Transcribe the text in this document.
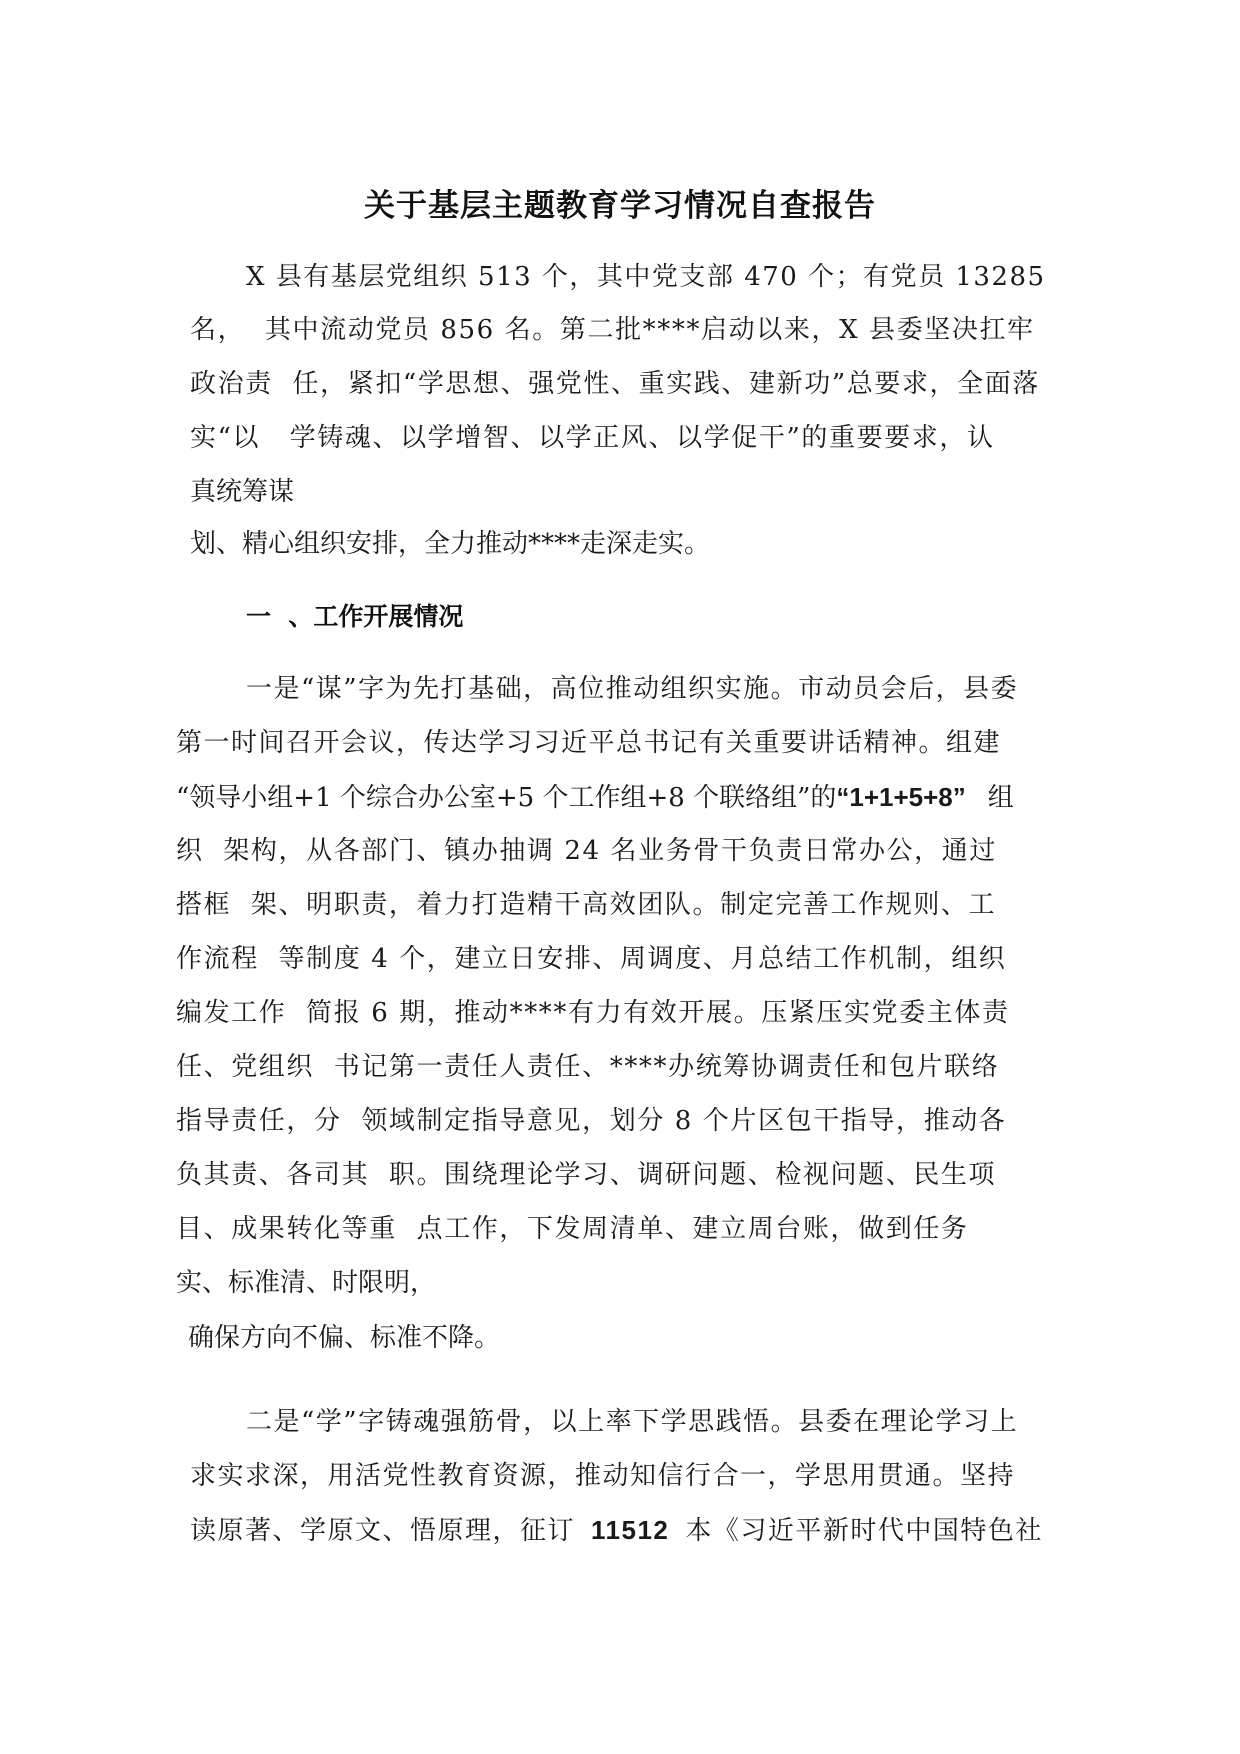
关于基层主题教育学习情况自查报告
X 县有基层党组织 513 个，其中党支部 470 个；有党员 13285
名，  其中流动党员 856 名。第二批****启动以来，X 县委坚决扛牢
政治责  任，紧扣“学思想、强党性、重实践、建新功”总要求，全面落
实“以   学铸魂、以学增智、以学正风、以学促干”的重要要求，认
真统筹谋
划、精心组织安排，全力推动****走深走实。
一  、工作开展情况
一是“谋”字为先打基础，高位推动组织实施。市动员会后，县委
第一时间召开会议，传达学习习近平总书记有关重要讲话精神。组建
“领导小组+1 个综合办公室+5 个工作组+8 个联络组”的“1+1+5+8” 组
织  架构，从各部门、镇办抽调 24 名业务骨干负责日常办公，通过
搭框  架、明职责，着力打造精干高效团队。制定完善工作规则、工
作流程  等制度 4 个，建立日安排、周调度、月总结工作机制，组织
编发工作  简报 6 期，推动****有力有效开展。压紧压实党委主体责
任、党组织  书记第一责任人责任、****办统筹协调责任和包片联络
指导责任，分  领域制定指导意见，划分 8 个片区包干指导，推动各
负其责、各司其  职。围绕理论学习、调研问题、检视问题、民生项
目、成果转化等重  点工作，下发周清单、建立周台账，做到任务
实、标准清、时限明，
确保方向不偏、标准不降。
二是“学”字铸魂强筋骨，以上率下学思践悟。县委在理论学习上
求实求深，用活党性教育资源，推动知信行合一，学思用贯通。坚持
读原著、学原文、悟原理，征订 11512 本《习近平新时代中国特色社
